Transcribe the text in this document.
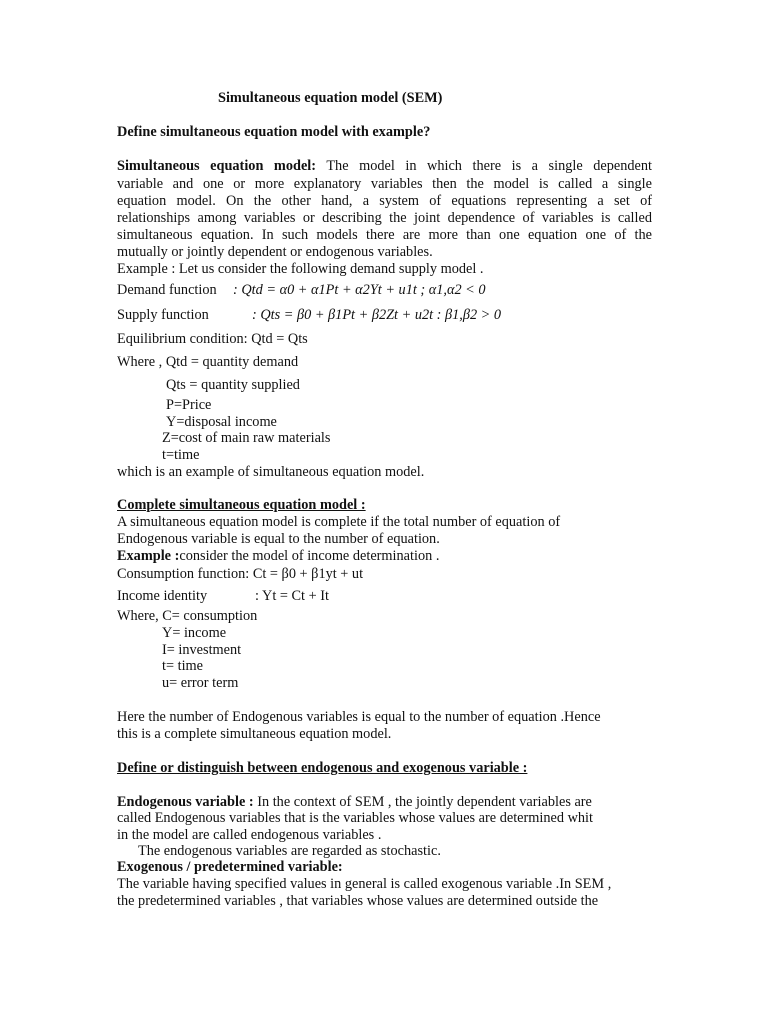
Simultaneous equation model (SEM)
Define simultaneous equation model with example?
Simultaneous equation model: The model in which there is a single dependent
variable and one or more explanatory variables then the model is called a single
equation model. On the other hand, a system of equations representing a set of
relationships among variables or describing the joint dependence of variables is called
simultaneous equation. In such models there are more than one equation one of the
mutually or jointly dependent or endogenous variables.
Example : Let us consider the following demand supply model .
Demand function : Qtd = α0 + α1Pt + α2Yt + u1t ; α1,α2 < 0
Supply function	: Qts = β0 + β1Pt + β2Zt + u2t : β1,β2 > 0
Equilibrium condition: Qtd = Qts
Where , Qtd = quantity demand
Qts = quantity supplied
P=Price
Y=disposal income
Z=cost of main raw materials
t=time
which is an example of simultaneous equation model.
Complete simultaneous equation model :
A simultaneous equation model is complete if the total number of equation of
Endogenous variable is equal to the number of equation.
Example :consider the model of income determination .
Consumption function: Ct = β0 + β1yt + ut
Income identity	: Yt = Ct + It
Where, C= consumption
Y= income
I= investment
t= time
u= error term
Here the number of Endogenous variables is equal to the number of equation .Hence
this is a complete simultaneous equation model.
Define or distinguish between endogenous and exogenous variable :
Endogenous variable : In the context of SEM , the jointly dependent variables are
called Endogenous variables that is the variables whose values are determined whit
in the model are called endogenous variables .
The endogenous variables are regarded as stochastic.
Exogenous / predetermined variable:
The variable having specified values in general is called exogenous variable .In SEM ,
the predetermined variables , that variables whose values are determined outside the
